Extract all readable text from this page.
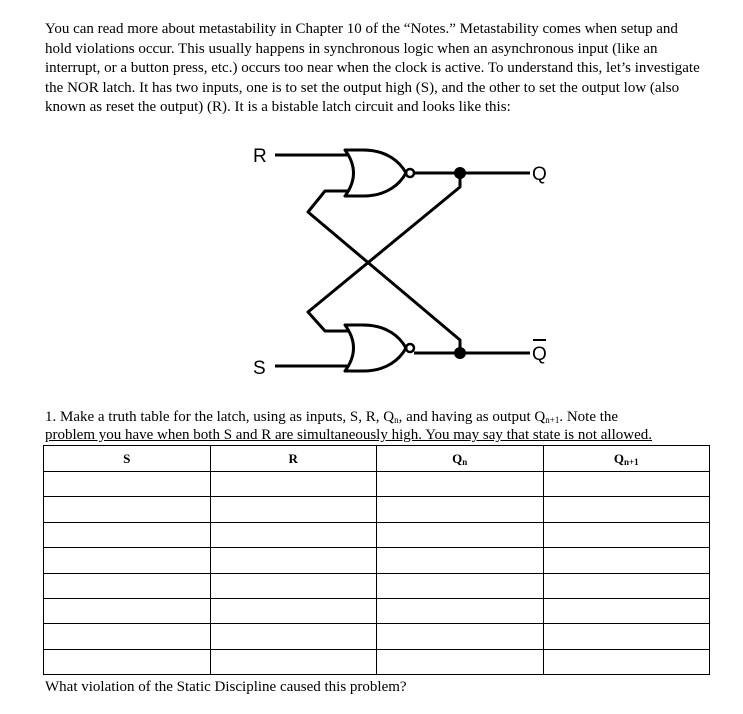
You can read more about metastability in Chapter 10 of the “Notes.” Metastability comes when setup and hold violations occur. This usually happens in synchronous logic when an asynchronous input (like an interrupt, or a button press, etc.) occurs too near when the clock is active. To understand this, let’s investigate the NOR latch. It has two inputs, one is to set the output high (S), and the other to set the output low (also known as reset the output) (R). It is a bistable latch circuit and looks like this:
R
S
Q
Q
1. Make a truth table for the latch, using as inputs, S, R, $Q_n$, and having as output $Q_{n+1}$. Note the
problem you have when both S and R are simultaneously high. You may say that state is not allowed.
S	R	$Q_n$	$Q_{n+1}$

What violation of the Static Discipline caused this problem?
